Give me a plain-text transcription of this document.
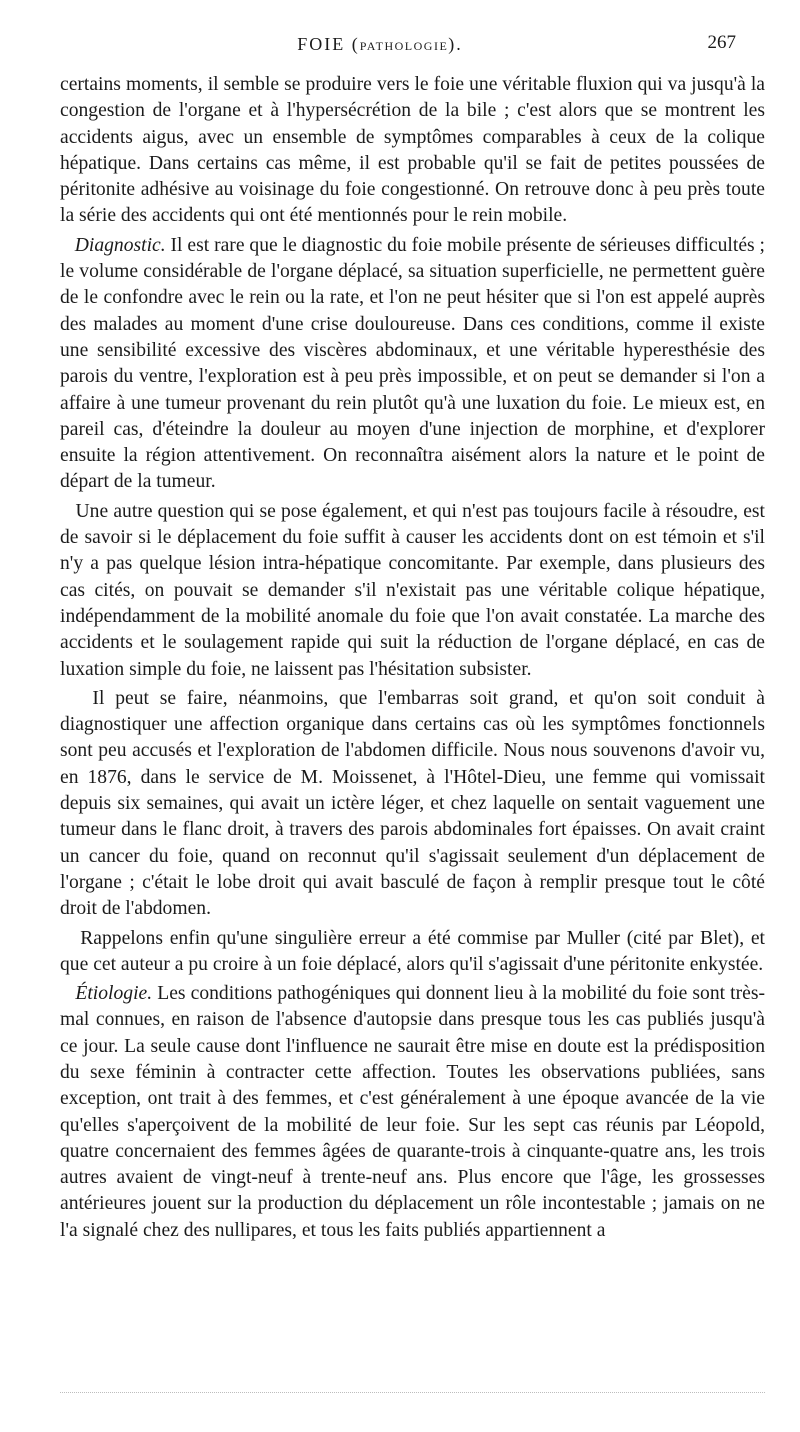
FOIE (PATHOLOGIE).	267

certains moments, il semble se produire vers le foie une véritable fluxion qui va jusqu'à la congestion de l'organe et à l'hypersécrétion de la bile ; c'est alors que se montrent les accidents aigus, avec un ensemble de symptômes comparables à ceux de la colique hépatique. Dans certains cas même, il est probable qu'il se fait de petites poussées de péritonite adhésive au voisinage du foie congestionné. On retrouve donc à peu près toute la série des accidents qui ont été mentionnés pour le rein mobile.

Diagnostic. Il est rare que le diagnostic du foie mobile présente de sérieuses difficultés ; le volume considérable de l'organe déplacé, sa situation superficielle, ne permettent guère de le confondre avec le rein ou la rate, et l'on ne peut hésiter que si l'on est appelé auprès des malades au moment d'une crise douloureuse. Dans ces conditions, comme il existe une sensibilité excessive des viscères abdominaux, et une véritable hyperesthésie des parois du ventre, l'exploration est à peu près impossible, et on peut se demander si l'on a affaire à une tumeur provenant du rein plutôt qu'à une luxation du foie. Le mieux est, en pareil cas, d'éteindre la douleur au moyen d'une injection de morphine, et d'explorer ensuite la région attentivement. On reconnaîtra aisément alors la nature et le point de départ de la tumeur.

Une autre question qui se pose également, et qui n'est pas toujours facile à résoudre, est de savoir si le déplacement du foie suffit à causer les accidents dont on est témoin et s'il n'y a pas quelque lésion intra-hépatique concomitante. Par exemple, dans plusieurs des cas cités, on pouvait se demander s'il n'existait pas une véritable colique hépatique, indépendamment de la mobilité anomale du foie que l'on avait constatée. La marche des accidents et le soulagement rapide qui suit la réduction de l'organe déplacé, en cas de luxation simple du foie, ne laissent pas l'hésitation subsister.

Il peut se faire, néanmoins, que l'embarras soit grand, et qu'on soit conduit à diagnostiquer une affection organique dans certains cas où les symptômes fonctionnels sont peu accusés et l'exploration de l'abdomen difficile. Nous nous souvenons d'avoir vu, en 1876, dans le service de M. Moissenet, à l'Hôtel-Dieu, une femme qui vomissait depuis six semaines, qui avait un ictère léger, et chez laquelle on sentait vaguement une tumeur dans le flanc droit, à travers des parois abdominales fort épaisses. On avait craint un cancer du foie, quand on reconnut qu'il s'agissait seulement d'un déplacement de l'organe ; c'était le lobe droit qui avait basculé de façon à remplir presque tout le côté droit de l'abdomen.

Rappelons enfin qu'une singulière erreur a été commise par Muller (cité par Blet), et que cet auteur a pu croire à un foie déplacé, alors qu'il s'agissait d'une péritonite enkystée.

Étiologie. Les conditions pathogéniques qui donnent lieu à la mobilité du foie sont très-mal connues, en raison de l'absence d'autopsie dans presque tous les cas publiés jusqu'à ce jour. La seule cause dont l'influence ne saurait être mise en doute est la prédisposition du sexe féminin à contracter cette affection. Toutes les observations publiées, sans exception, ont trait à des femmes, et c'est généralement à une époque avancée de la vie qu'elles s'aperçoivent de la mobilité de leur foie. Sur les sept cas réunis par Léopold, quatre concernaient des femmes âgées de quarante-trois à cinquante-quatre ans, les trois autres avaient de vingt-neuf à trente-neuf ans. Plus encore que l'âge, les grossesses antérieures jouent sur la production du déplacement un rôle incontestable ; jamais on ne l'a signalé chez des nullipares, et tous les faits publiés appartiennent a
